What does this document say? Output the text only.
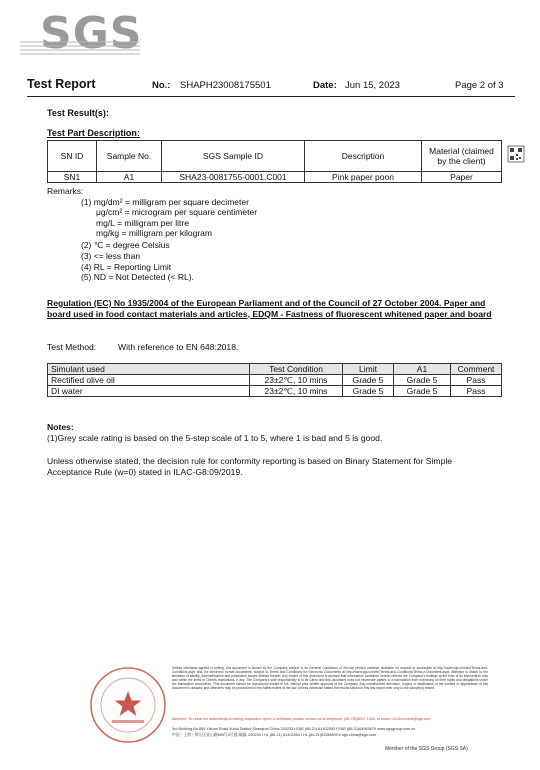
SGS
Test Report	No.: SHAPH23008175501	Date: Jun 15, 2023	Page 2 of 3
Test Result(s):
Test Part Description:
SN ID	Sample No.	SGS Sample ID	Description	Material (claimed by the client)
SN1	A1	SHA23-0081755-0001.C001	Pink paper poon	Paper
Remarks:
(1) mg/dm² = milligram per square decimeter
μg/cm² = microgram per square centimeter
mg/L = milligram per litre
mg/kg = milligram per kilogram
(2) ℃ = degree Celsius
(3) <= less than
(4) RL = Reporting Limit
(5) ND = Not Detected (< RL).
Regulation (EC) No 1935/2004 of the European Parliament and of the Council of 27 October 2004. Paper and board used in food contact materials and articles, EDQM - Fastness of fluorescent whitened paper and board
Test Method:	With reference to EN 648:2018.
Simulant used	Test Condition	Limit	A1	Comment
Rectified olive oil	23±2℃, 10 mins	Grade 5	Grade 5	Pass
DI water	23±2℃, 10 mins	Grade 5	Grade 5	Pass
Notes:
(1)Grey scale rating is based on the 5-step scale of 1 to 5, where 1 is bad and 5 is good.
Unless otherwise stated, the decision rule for conformity reporting is based on Binary Statement for Simple Acceptance Rule (w=0) stated in ILAC-G8:09/2019.
Unless otherwise agreed in writing, this document is issued by the Company subject to its General Conditions of Service printed overleaf, available on request or accessible at http://www.sgs.com/en/Terms-and-Conditions.aspx and, for electronic format documents, subject to Terms and Conditions for Electronic Documents at http://www.sgs.com/en/Terms-and-Conditions/Terms-e-Document.aspx. Attention is drawn to the limitation of liability, indemnification and jurisdiction issues defined therein. Any holder of this document is advised that information contained hereon reflects the Company's findings at the time of its intervention only and within the limits of Client's instructions, if any. The Company's sole responsibility is to its Client and this document does not exonerate parties to a transaction from exercising all their rights and obligations under the transaction documents. This document cannot be reproduced except in full, without prior written approval of the Company. Any unauthorized alteration, forgery or falsification of the content or appearance of this document is unlawful and offenders may be prosecuted to the fullest extent of the law. Unless otherwise stated the results shown in this test report refer only to the sample(s) tested.
Attention: To check the authenticity of testing /inspection report & certificate, please contact us at telephone: (86-755)8307 1443, or email: CN.Doccheck@sgs.com
3rd Building,No.889 Yishan Road Xuhui District,Shanghai China 200233 t E&E (86-21) 61402553 f E&E (86-21)64953679 www.sgsgroup.com.cn
中国・上海・徐汇区宜山路889号3号楼 邮编: 200233 t HL (86-21) 61402594 f HL (86-21)61156899 e sgs.china@sgs.com
Member of the SGS Group (SGS SA)
